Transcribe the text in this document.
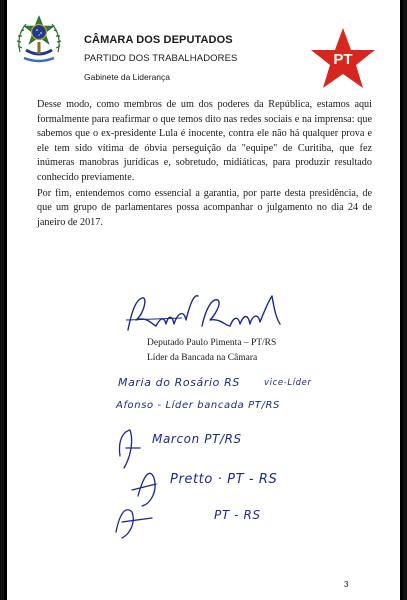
CÂMARA DOS DEPUTADOS

PARTIDO DOS TRABALHADORES

Gabinete da Liderança

PT

Desse modo, como membros de um dos poderes da República, estamos aqui formalmente para reafirmar o que temos dito nas redes sociais e na imprensa: que sabemos que o ex-presidente Lula é inocente, contra ele não há qualquer prova e ele tem sido vítima de óbvia perseguição da "equipe" de Curitiba, que fez inúmeras manobras jurídicas e, sobretudo, midiáticas, para produzir resultado conhecido previamente.

Por fim, entendemos como essencial a garantia, por parte desta presidência, de que um grupo de parlamentares possa acompanhar o julgamento no dia 24 de janeiro de 2017.

Deputado Paulo Pimenta – PT/RS
Líder da Bancada na Câmara
Maria do Rosário RS	vice-Líder
Afonso - Líder bancada PT/RS
Marcon PT/RS
Pretto · PT - RS
PT - RS
3
